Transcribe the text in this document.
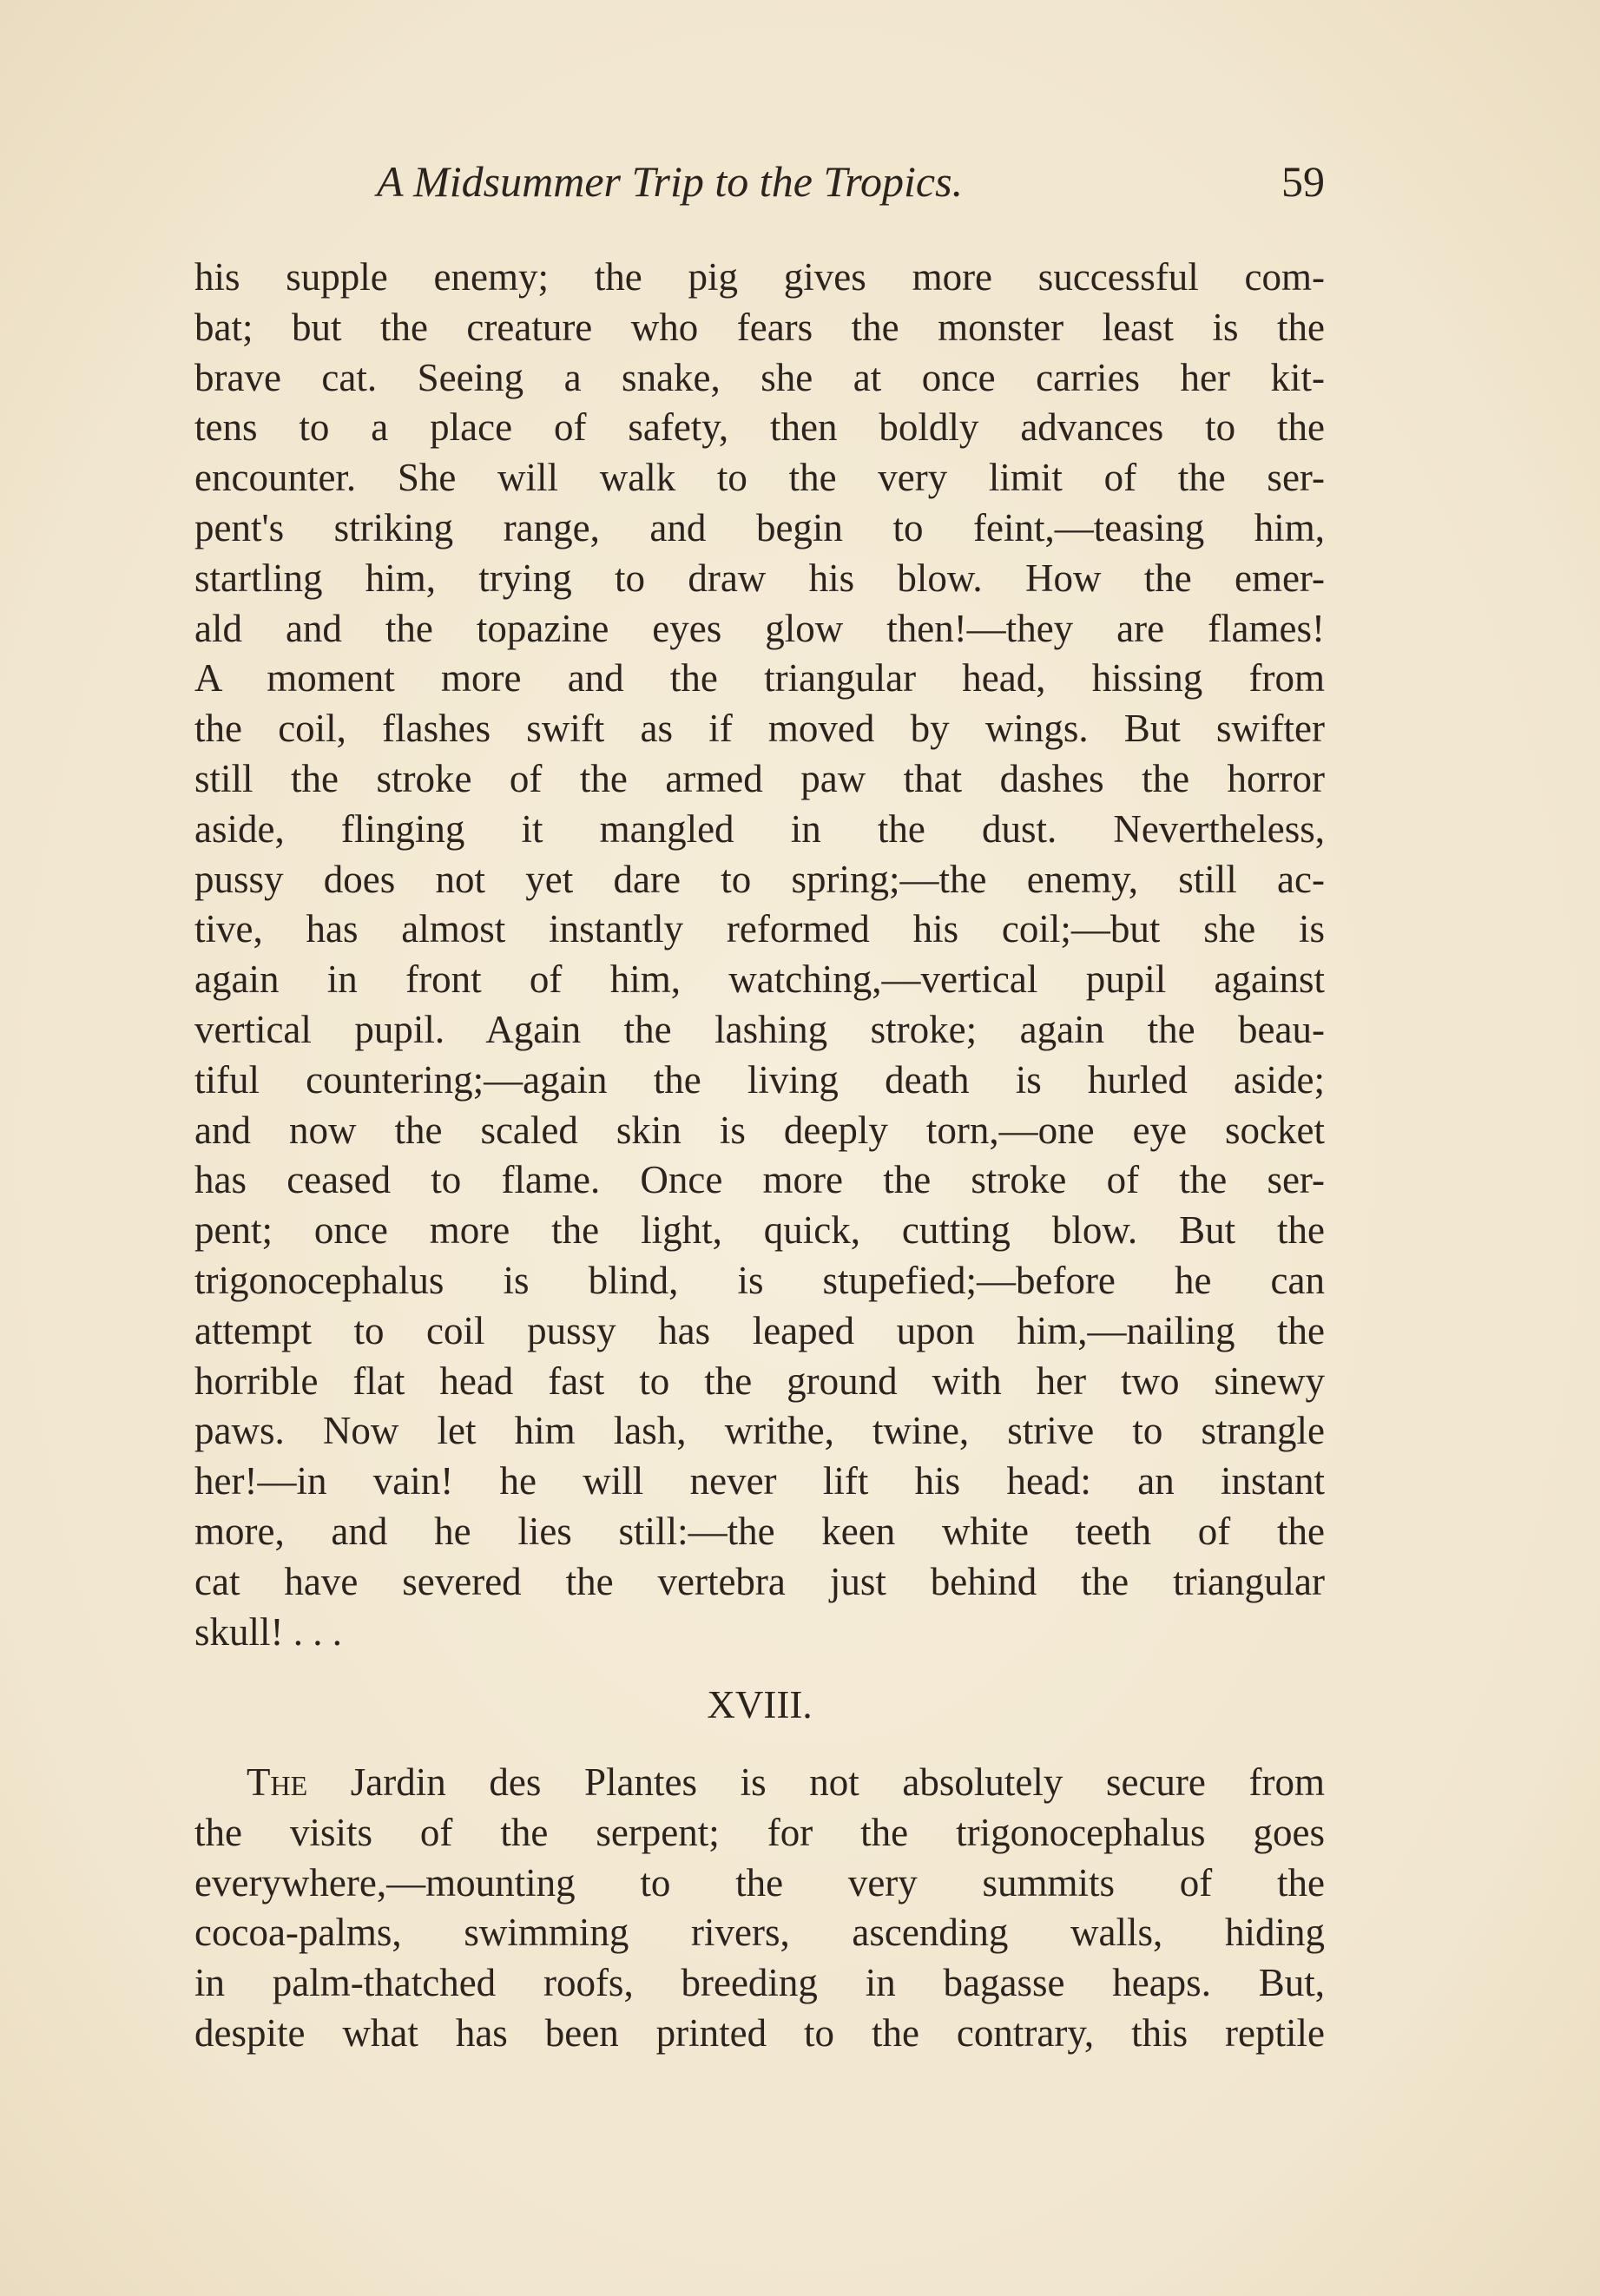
A Midsummer Trip to the Tropics.	59
his supple enemy; the pig gives more successful com-
bat; but the creature who fears the monster least is the
brave cat. Seeing a snake, she at once carries her kit-
tens to a place of safety, then boldly advances to the
encounter. She will walk to the very limit of the ser-
pent's striking range, and begin to feint,—teasing him,
startling him, trying to draw his blow. How the emer-
ald and the topazine eyes glow then!—they are flames!
A moment more and the triangular head, hissing from
the coil, flashes swift as if moved by wings. But swifter
still the stroke of the armed paw that dashes the horror
aside, flinging it mangled in the dust. Nevertheless,
pussy does not yet dare to spring;—the enemy, still ac-
tive, has almost instantly reformed his coil;—but she is
again in front of him, watching,—vertical pupil against
vertical pupil. Again the lashing stroke; again the beau-
tiful countering;—again the living death is hurled aside;
and now the scaled skin is deeply torn,—one eye socket
has ceased to flame. Once more the stroke of the ser-
pent; once more the light, quick, cutting blow. But the
trigonocephalus is blind, is stupefied;—before he can
attempt to coil pussy has leaped upon him,—nailing the
horrible flat head fast to the ground with her two sinewy
paws. Now let him lash, writhe, twine, strive to strangle
her!—in vain! he will never lift his head: an instant
more, and he lies still:—the keen white teeth of the
cat have severed the vertebra just behind the triangular
skull! . . .
XVIII.
The Jardin des Plantes is not absolutely secure from
the visits of the serpent; for the trigonocephalus goes
everywhere,—mounting to the very summits of the
cocoa-palms, swimming rivers, ascending walls, hiding
in palm-thatched roofs, breeding in bagasse heaps. But,
despite what has been printed to the contrary, this reptile
